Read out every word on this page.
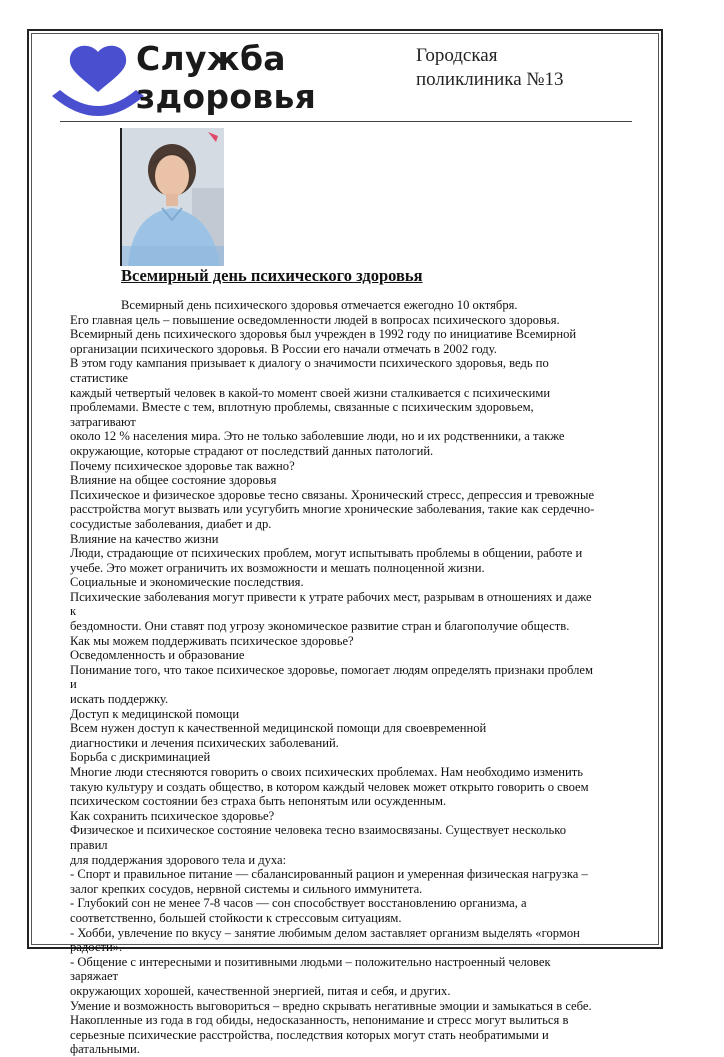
Служба
здоровья
Городская
поликлиника №13
Всемирный день психического здоровья

Всемирный день психического здоровья отмечается ежегодно 10 октября.

Его главная цель – повышение осведомленности людей в вопросах психического здоровья.

Всемирный день психического здоровья был учрежден в 1992 году по инициативе Всемирной

организации психического здоровья. В России его начали отмечать в 2002 году.

В этом году кампания призывает к диалогу о значимости психического здоровья, ведь по статистике

каждый четвертый человек в какой-то момент своей жизни сталкивается с психическими

проблемами. Вместе с тем, вплотную проблемы, связанные с психическим здоровьем, затрагивают

около 12 % населения мира. Это не только заболевшие люди, но и их родственники, а также

окружающие, которые страдают от последствий данных патологий.

Почему психическое здоровье так важно?

Влияние на общее состояние здоровья

Психическое и физическое здоровье тесно связаны. Хронический стресс, депрессия и тревожные

расстройства могут вызвать или усугубить многие хронические заболевания, такие как сердечно-

сосудистые заболевания, диабет и др.

Влияние на качество жизни

Люди, страдающие от психических проблем, могут испытывать проблемы в общении, работе и

учебе. Это может ограничить их возможности и мешать полноценной жизни.

Социальные и экономические последствия.

Психические заболевания могут привести к утрате рабочих мест, разрывам в отношениях и даже к

бездомности. Они ставят под угрозу экономическое развитие стран и благополучие обществ.

Как мы можем поддерживать психическое здоровье?

Осведомленность и образование

Понимание того, что такое психическое здоровье, помогает людям определять признаки проблем и

искать поддержку.

Доступ к медицинской помощи

Всем нужен доступ к качественной медицинской помощи для своевременной

диагностики и лечения психических заболеваний.

Борьба с дискриминацией

Многие люди стесняются говорить о своих психических проблемах. Нам необходимо изменить

такую культуру и создать общество, в котором каждый человек может открыто говорить о своем

психическом состоянии без страха быть непонятым или осужденным.

Как сохранить психическое здоровье?

Физическое и психическое состояние человека тесно взаимосвязаны. Существует несколько правил

для поддержания здорового тела и духа:

- Спорт и правильное питание — сбалансированный рацион и умеренная физическая нагрузка –

залог крепких сосудов, нервной системы и сильного иммунитета.

- Глубокий сон не менее 7-8 часов — сон способствует восстановлению организма, а

соответственно, большей стойкости к стрессовым ситуациям.

- Хобби, увлечение по вкусу – занятие любимым делом заставляет организм выделять «гормон

радости».

- Общение с интересными и позитивными людьми – положительно настроенный человек заряжает

окружающих хорошей, качественной энергией, питая и себя, и других.

Умение и возможность выговориться – вредно скрывать негативные эмоции и замыкаться в себе.

Накопленные из года в год обиды, недосказанность, непонимание и стресс могут вылиться в

серьезные психические расстройства, последствия которых могут стать необратимыми и

фатальными.
